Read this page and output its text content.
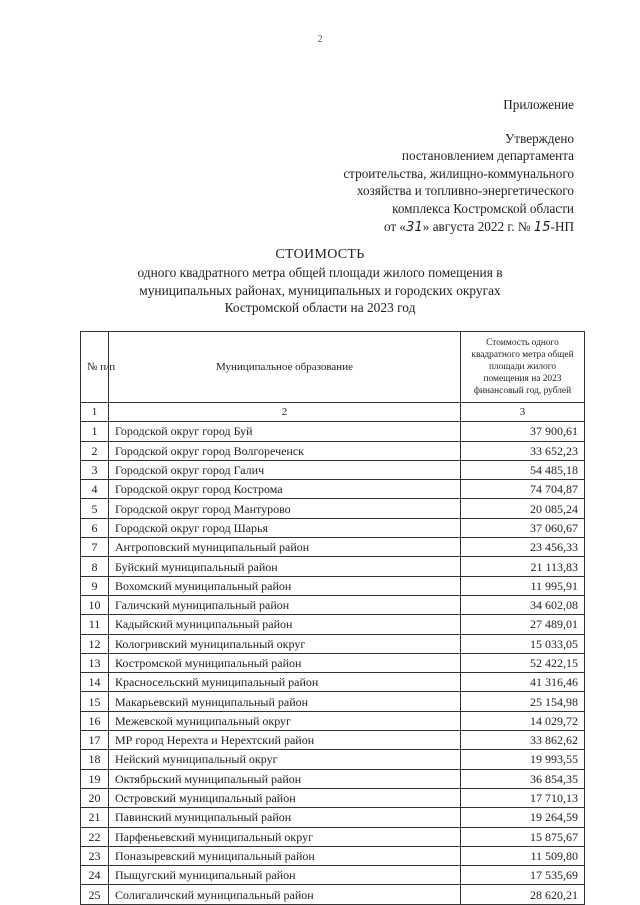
2
Приложение
Утверждено
постановлением департамента
строительства, жилищно-коммунального
хозяйства и топливно-энергетического
комплекса Костромской области
от «31» августа 2022 г. № 15-НП
СТОИМОСТЬ
одного квадратного метра общей площади жилого помещения в
муниципальных районах, муниципальных и городских округах
Костромской области на 2023 год
№ п/п	Муниципальное образование	Стоимость одного квадратного метра общей площади жилого помещения на 2023 финансовый год, рублей
1	2	3
1	Городской округ город Буй	37 900,61
2	Городской округ город Волгореченск	33 652,23
3	Городской округ город Галич	54 485,18
4	Городской округ город Кострома	74 704,87
5	Городской округ город Мантурово	20 085,24
6	Городской округ город Шарья	37 060,67
7	Антроповский муниципальный район	23 456,33
8	Буйский муниципальный район	21 113,83
9	Вохомский муниципальный район	11 995,91
10	Галичский муниципальный район	34 602,08
11	Кадыйский муниципальный район	27 489,01
12	Кологривский муниципальный округ	15 033,05
13	Костромской муниципальный район	52 422,15
14	Красносельский муниципальный район	41 316,46
15	Макарьевский муниципальный район	25 154,98
16	Межевской муниципальный округ	14 029,72
17	МР город Нерехта и Нерехтский район	33 862,62
18	Нейский муниципальный округ	19 993,55
19	Октябрьский муниципальный район	36 854,35
20	Островский муниципальный район	17 710,13
21	Павинский муниципальный район	19 264,59
22	Парфеньевский муниципальный округ	15 875,67
23	Поназыревский муниципальный район	11 509,80
24	Пыщугский муниципальный район	17 535,69
25	Солигаличский муниципальный район	28 620,21
